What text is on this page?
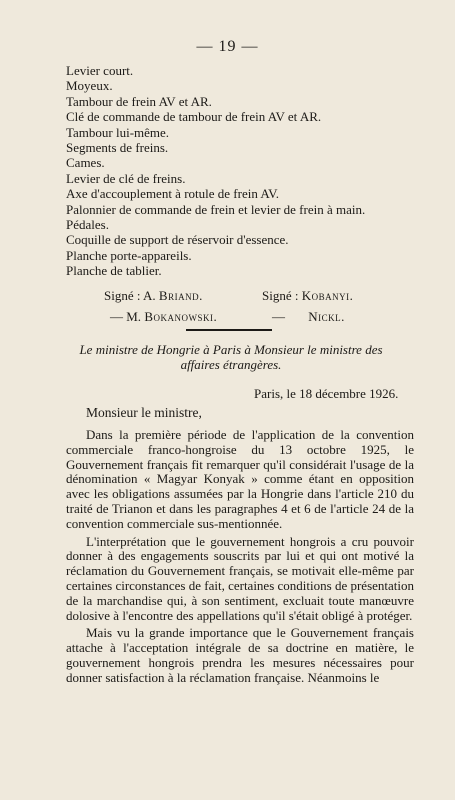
— 19 —
Levier court.
Moyeux.
Tambour de frein AV et AR.
Clé de commande de tambour de frein AV et AR.
Tambour lui-même.
Segments de freins.
Cames.
Levier de clé de freins.
Axe d'accouplement à rotule de frein AV.
Palonnier de commande de frein et levier de frein à main.
Pédales.
Coquille de support de réservoir d'essence.
Planche porte-appareils.
Planche de tablier.
Signé : A. Briand.	Signé : Kobanyi.
— M. Bokanowski.	— Nickl.
Le ministre de Hongrie à Paris à Monsieur le ministre des affaires étrangères.
Paris, le 18 décembre 1926.
Monsieur le ministre,

Dans la première période de l'application de la convention commerciale franco-hongroise du 13 octobre 1925, le Gouvernement français fit remarquer qu'il considérait l'usage de la dénomination « Magyar Konyak » comme étant en opposition avec les obligations assumées par la Hongrie dans l'article 210 du traité de Trianon et dans les paragraphes 4 et 6 de l'article 24 de la convention commerciale sus-mentionnée.

L'interprétation que le gouvernement hongrois a cru pouvoir donner à des engagements souscrits par lui et qui ont motivé la réclamation du Gouvernement français, se motivait elle-même par certaines circonstances de fait, certaines conditions de présentation de la marchandise qui, à son sentiment, excluait toute manœuvre dolosive à l'encontre des appellations qu'il s'était obligé à protéger.

Mais vu la grande importance que le Gouvernement français attache à l'acceptation intégrale de sa doctrine en matière, le gouvernement hongrois prendra les mesures nécessaires pour donner satisfaction à la réclamation française. Néanmoins le
